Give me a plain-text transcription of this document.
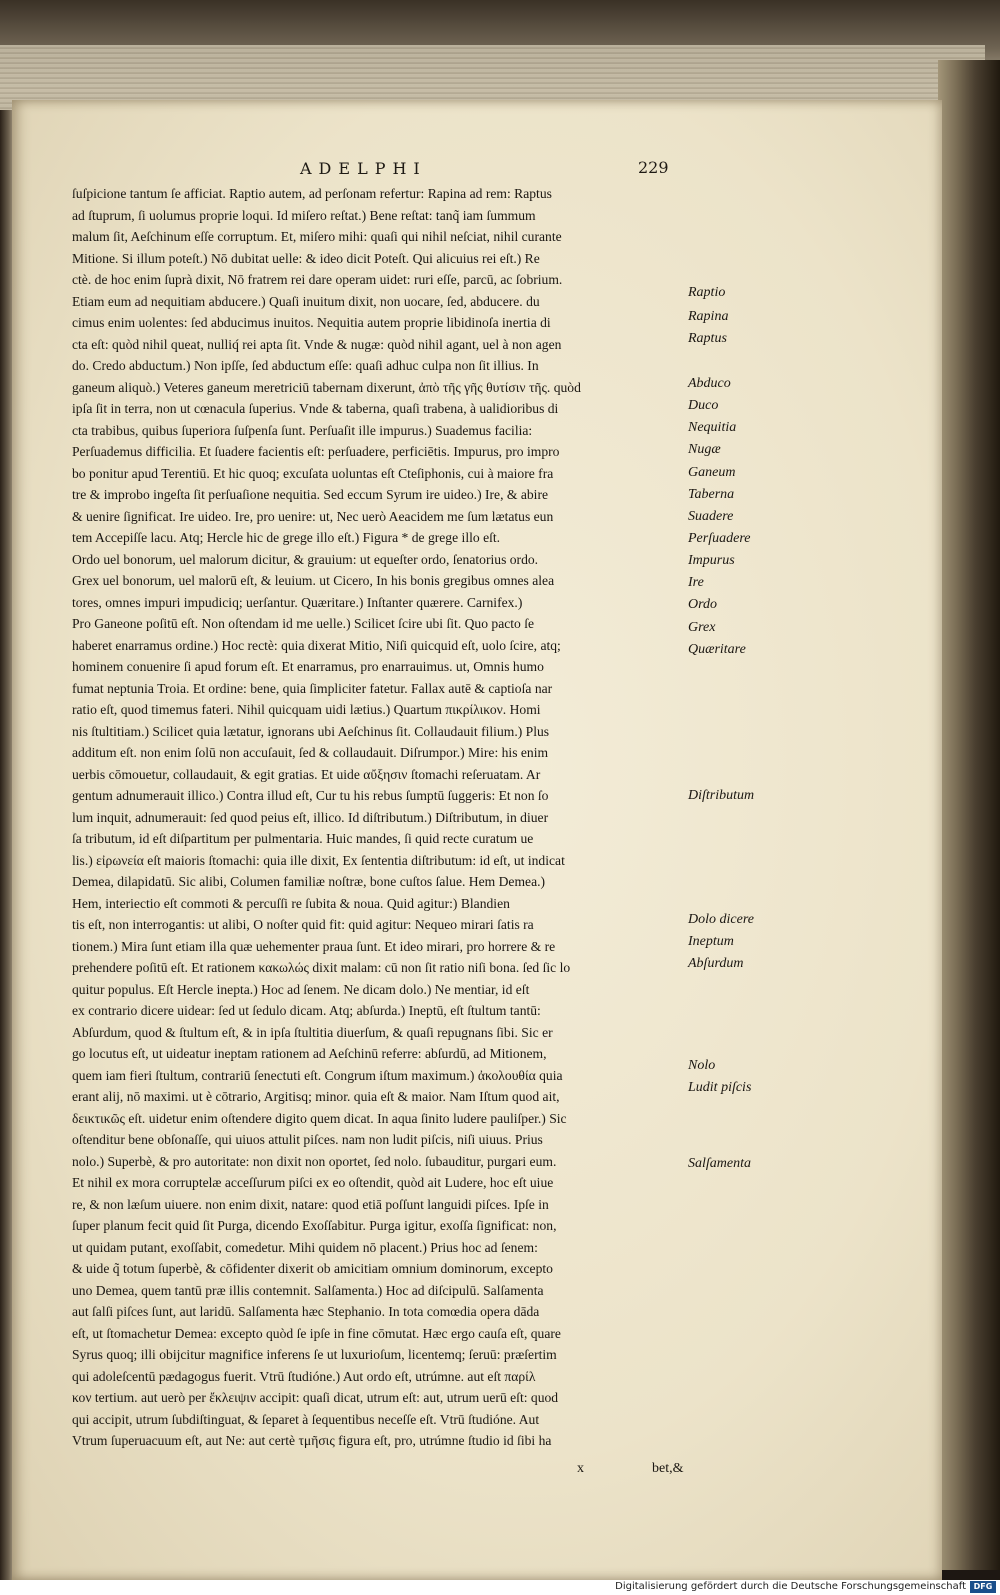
ADELPHI	229
ſuſpicione tantum ſe afficiat. Raptio autem, ad perſonam refertur: Rapina ad rem: Raptus
ad ſtuprum, ſi uolumus proprie loqui. Id miſero reſtat.) Bene reſtat: tanq̃ iam ſummum
malum ſit, Aeſchinum eſſe corruptum. Et, miſero mihi: quaſi qui nihil neſciat, nihil curante
Mitione. Si illum poteſt.) Nō dubitat uelle: & ideo dicit Poteſt. Qui alicuius rei eſt.) Re
ctè. de hoc enim ſuprà dixit, Nō fratrem rei dare operam uidet: ruri eſſe, parcū, ac ſobrium.
Etiam eum ad nequitiam abducere.) Quaſi inuitum dixit, non uocare, ſed, abducere. du
cimus enim uolentes: ſed abducimus inuitos. Nequitia autem proprie libidinoſa inertia di
cta eſt: quòd nihil queat, nulliq́ rei apta ſit. Vnde & nugæ: quòd nihil agant, uel à non agen
do. Credo abductum.) Non ipſſe, ſed abductum eſſe: quaſi adhuc culpa non ſit illius. In
ganeum aliquò.) Veteres ganeum meretriciū tabernam dixerunt, ἀπὸ τῆς γῆς θυτίσιν τῆς. quòd
ipſa ſit in terra, non ut cœnacula ſuperius. Vnde & taberna, quaſi trabena, à ualidioribus di
cta trabibus, quibus ſuperiora ſuſpenſa ſunt. Perſuaſit ille impurus.) Suademus facilia:
Perſuademus difficilia. Et ſuadere facientis eſt: perſuadere, perficiētis. Impurus, pro impro
bo ponitur apud Terentiū. Et hic quoq; excuſata uoluntas eſt Cteſiphonis, cui à maiore fra
tre & improbo ingeſta ſit perſuaſione nequitia. Sed eccum Syrum ire uideo.) Ire, & abire
& uenire ſignificat. Ire uideo. Ire, pro uenire: ut, Nec uerò Aeacidem me ſum lætatus eun
tem Accepiſſe lacu. Atq; Hercle hic de grege illo eſt.) Figura * de grege illo eſt.
Ordo uel bonorum, uel malorum dicitur, & grauium: ut equeſter ordo, ſenatorius ordo.
Grex uel bonorum, uel malorū eſt, & leuium. ut Cicero, In his bonis gregibus omnes alea
tores, omnes impuri impudiciq; uerſantur. Quæritare.) Inſtanter quærere. Carnifex.)
Pro Ganeone poſitū eſt. Non oſtendam id me uelle.) Scilicet ſcire ubi ſit. Quo pacto ſe
haberet enarramus ordine.) Hoc rectè: quia dixerat Mitio, Niſi quicquid eſt, uolo ſcire, atq;
hominem conuenire ſi apud forum eſt. Et enarramus, pro enarrauimus. ut, Omnis humo
fumat neptunia Troia. Et ordine: bene, quia ſimpliciter fatetur. Fallax autē & captioſa nar
ratio eſt, quod timemus fateri. Nihil quicquam uidi lætius.) Quartum πικρίλικον. Homi
nis ſtultitiam.) Scilicet quia lætatur, ignorans ubi Aeſchinus ſit. Collaudauit filium.) Plus
additum eſt. non enim ſolū non accuſauit, ſed & collaudauit. Diſrumpor.) Mire: his enim
uerbis cōmouetur, collaudauit, & egit gratias. Et uide αὔξησιν ſtomachi reſeruatam. Ar
gentum adnumerauit illico.) Contra illud eſt, Cur tu his rebus ſumptū ſuggeris: Et non ſo
lum inquit, adnumerauit: ſed quod peius eſt, illico. Id diſtributum.) Diſtributum, in diuer
ſa tributum, id eſt diſpartitum per pulmentaria. Huic mandes, ſi quid recte curatum ue
lis.) εἰρωνεία eſt maioris ſtomachi: quia ille dixit, Ex ſententia diſtributum: id eſt, ut indicat
Demea, dilapidatū. Sic alibi, Columen familiæ noſtræ, bone cuſtos ſalue. Hem Demea.)
Hem, interiectio eſt commoti & percuſſi re ſubita & noua. Quid agitur:) Blandien
tis eſt, non interrogantis: ut alibi, O noſter quid fit: quid agitur: Nequeo mirari ſatis ra
tionem.) Mira ſunt etiam illa quæ uehementer praua ſunt. Et ideo mirari, pro horrere & re
prehendere poſitū eſt. Et rationem κακωλώς dixit malam: cū non ſit ratio niſi bona. ſed ſic lo
quitur populus. Eſt Hercle inepta.) Hoc ad ſenem. Ne dicam dolo.) Ne mentiar, id eſt
ex contrario dicere uidear: ſed ut ſedulo dicam. Atq; abſurda.) Ineptū, eſt ſtultum tantū:
Abſurdum, quod & ſtultum eſt, & in ipſa ſtultitia diuerſum, & quaſi repugnans ſibi. Sic er
go locutus eſt, ut uideatur ineptam rationem ad Aeſchinū referre: abſurdū, ad Mitionem,
quem iam fieri ſtultum, contrariū ſenectuti eſt. Congrum iſtum maximum.) ἀκολουθία quia
erant alij, nō maximi. ut è cōtrario, Argitisq; minor. quia eſt & maior. Nam Iſtum quod ait,
δεικτικῶς eſt. uidetur enim oſtendere digito quem dicat. In aqua ſinito ludere pauliſper.) Sic
oſtenditur bene obſonaſſe, qui uiuos attulit piſces. nam non ludit piſcis, niſi uiuus. Prius
nolo.) Superbè, & pro autoritate: non dixit non oportet, ſed nolo. ſubauditur, purgari eum.
Et nihil ex mora corruptelæ acceſſurum piſci ex eo oſtendit, quòd ait Ludere, hoc eſt uiue
re, & non læſum uiuere. non enim dixit, natare: quod etiā poſſunt languidi piſces. Ipſe in
ſuper planum fecit quid ſit Purga, dicendo Exoſſabitur. Purga igitur, exoſſa ſignificat: non,
ut quidam putant, exoſſabit, comedetur. Mihi quidem nō placent.) Prius hoc ad ſenem:
& uide q̃ totum ſuperbè, & cōfidenter dixerit ob amicitiam omnium dominorum, excepto
uno Demea, quem tantū præ illis contemnit. Salſamenta.) Hoc ad diſcipulū. Salſamenta
aut ſalſi piſces ſunt, aut laridū. Salſamenta hæc Stephanio. In tota comœdia opera dāda
eſt, ut ſtomachetur Demea: excepto quòd ſe ipſe in fine cōmutat. Hæc ergo cauſa eſt, quare
Syrus quoq; illi obijcitur magnifice inferens ſe ut luxurioſum, licentemq; ſeruū: præſertim
qui adoleſcentū pædagogus fuerit. Vtrū ſtudióne.) Aut ordo eſt, utrúmne. aut eſt παρίλ
κον tertium. aut uerò per ἔκλειψιν accipit: quaſi dicat, utrum eſt: aut, utrum uerū eſt: quod
qui accipit, utrum ſubdiſtinguat, & ſeparet à ſequentibus neceſſe eſt. Vtrū ſtudióne. Aut
Vtrum ſuperuacuum eſt, aut Ne: aut certè τμῆσις figura eſt, pro, utrúmne ſtudio id ſibi ha
Raptio
Rapina
Raptus
Abduco
Duco
Nequitia
Nugæ
Ganeum
Taberna
Suadere
Perſuadere
Impurus
Ire
Ordo
Grex
Quæritare
Diſtributum
Dolo dicere
Ineptum
Abſurdum
Nolo
Ludit piſcis
Salſamenta
x	bet,&
Digitalisierung gefördert durch die Deutsche Forschungsgemeinschaft DFG
